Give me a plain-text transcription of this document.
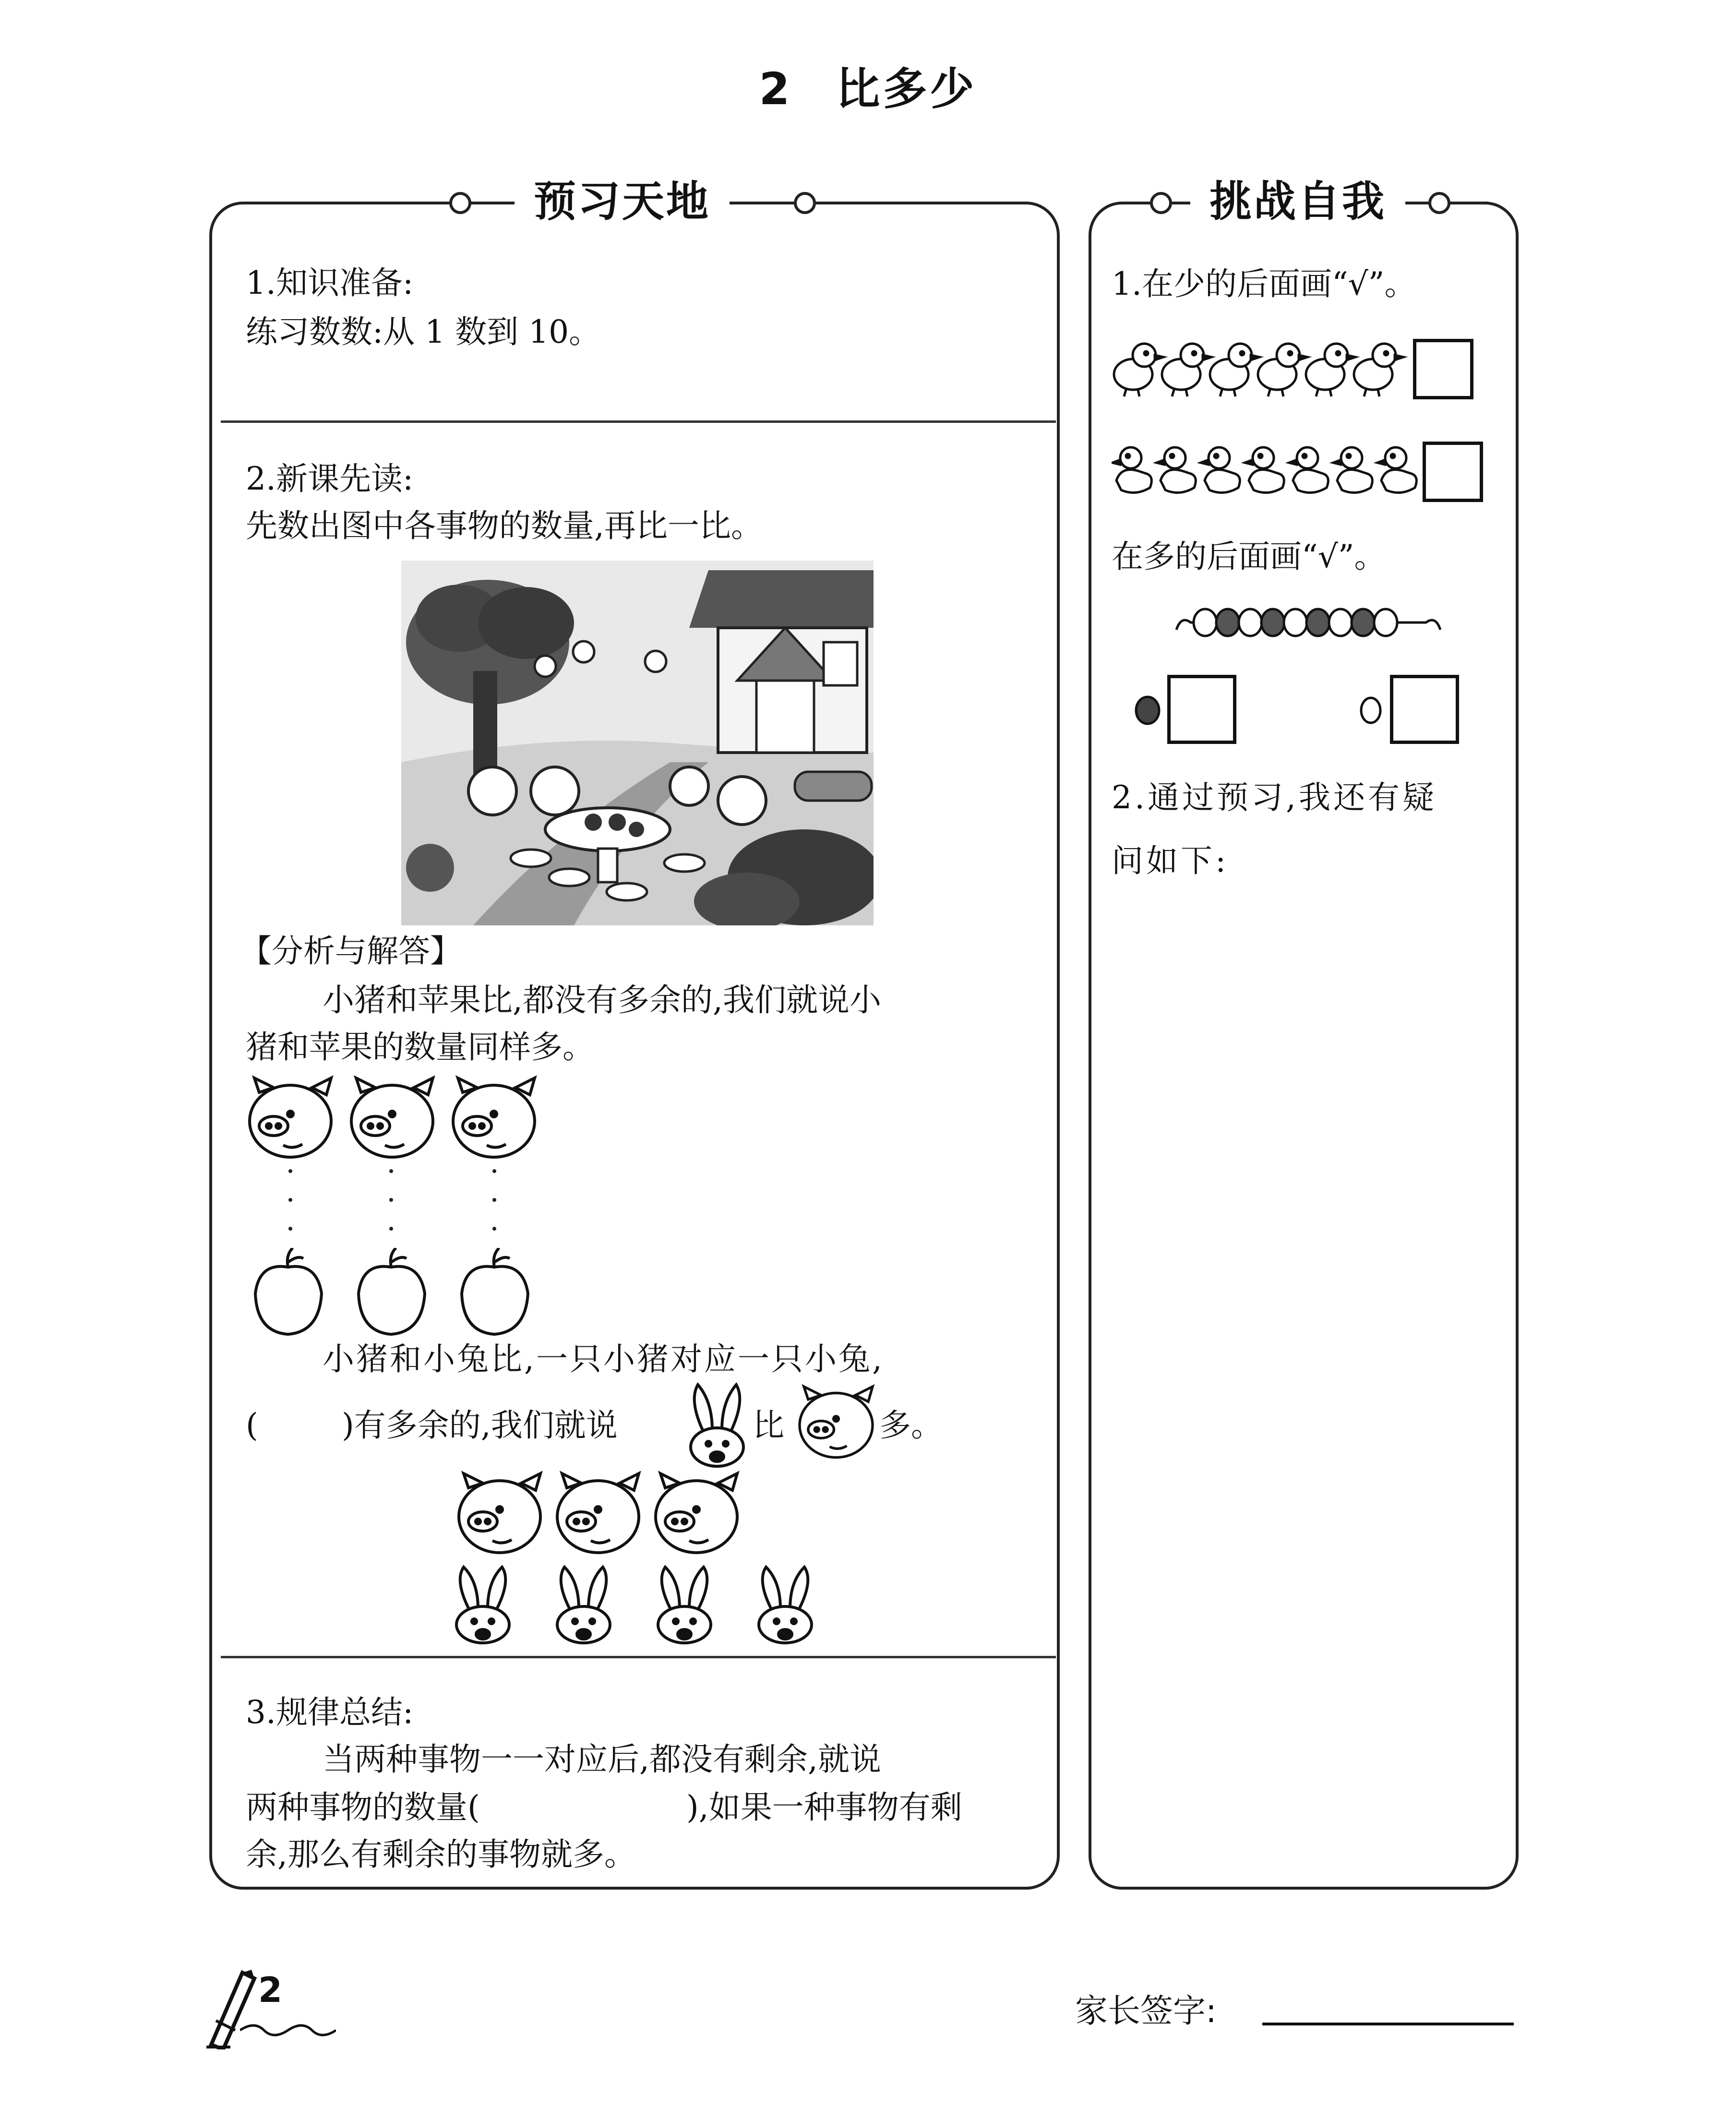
2 比多少
预习天地
1.知识准备:
练习数数:从 1 数到 10。
2.新课先读:
先数出图中各事物的数量,再比一比。
【分析与解答】
小猪和苹果比,都没有多余的,我们就说小
猪和苹果的数量同样多。
小猪和小兔比,一只小猪对应一只小兔,
(	)有多余的,我们就说	比	多。
3.规律总结:
当两种事物一一对应后,都没有剩余,就说
两种事物的数量(	),如果一种事物有剩
余,那么有剩余的事物就多。
挑战自我
1.在少的后面画“√”。
在多的后面画“√”。
2.通过预习,我还有疑
问如下:
2
家长签字:
